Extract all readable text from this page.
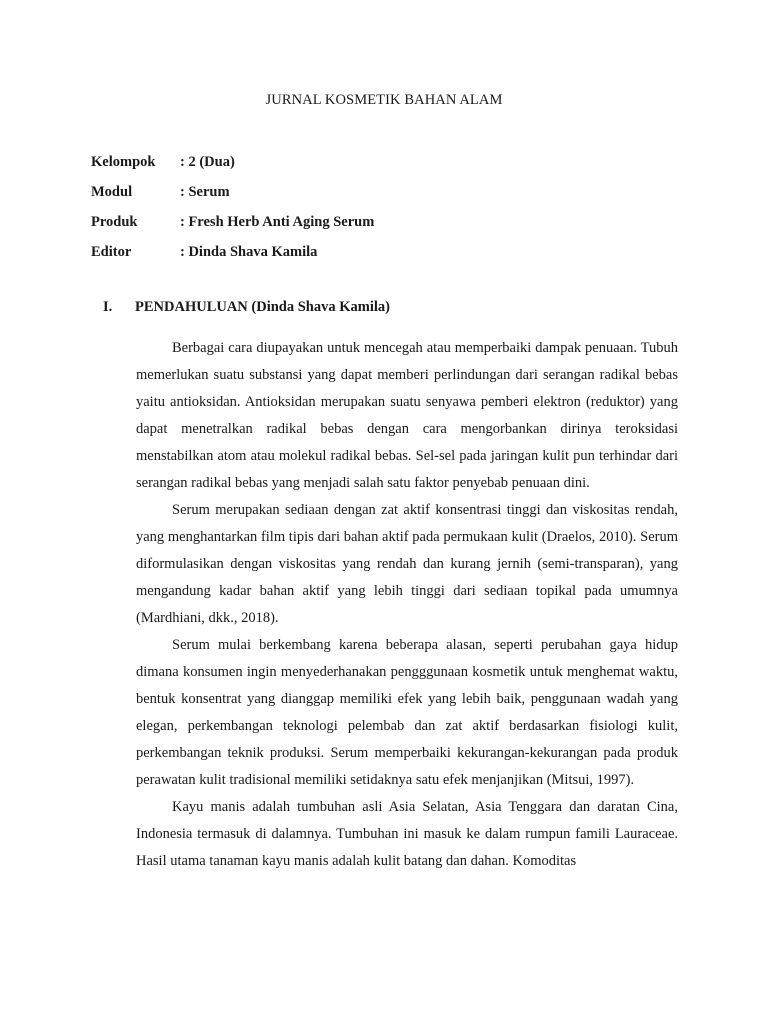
JURNAL KOSMETIK BAHAN ALAM
Kelompok	: 2 (Dua)
Modul	: Serum
Produk	: Fresh Herb Anti Aging Serum
Editor	: Dinda Shava Kamila
I.	PENDAHULUAN (Dinda Shava Kamila)

Berbagai cara diupayakan untuk mencegah atau memperbaiki dampak penuaan. Tubuh memerlukan suatu substansi yang dapat memberi perlindungan dari serangan radikal bebas yaitu antioksidan. Antioksidan merupakan suatu senyawa pemberi elektron (reduktor) yang dapat menetralkan radikal bebas dengan cara mengorbankan dirinya teroksidasi menstabilkan atom atau molekul radikal bebas. Sel-sel pada jaringan kulit pun terhindar dari serangan radikal bebas yang menjadi salah satu faktor penyebab penuaan dini.

Serum merupakan sediaan dengan zat aktif konsentrasi tinggi dan viskositas rendah, yang menghantarkan film tipis dari bahan aktif pada permukaan kulit (Draelos, 2010). Serum diformulasikan dengan viskositas yang rendah dan kurang jernih (semi-transparan), yang mengandung kadar bahan aktif yang lebih tinggi dari sediaan topikal pada umumnya (Mardhiani, dkk., 2018).

Serum mulai berkembang karena beberapa alasan, seperti perubahan gaya hidup dimana konsumen ingin menyederhanakan pengggunaan kosmetik untuk menghemat waktu, bentuk konsentrat yang dianggap memiliki efek yang lebih baik, penggunaan wadah yang elegan, perkembangan teknologi pelembab dan zat aktif berdasarkan fisiologi kulit, perkembangan teknik produksi. Serum memperbaiki kekurangan-kekurangan pada produk perawatan kulit tradisional memiliki setidaknya satu efek menjanjikan (Mitsui, 1997).

Kayu manis adalah tumbuhan asli Asia Selatan, Asia Tenggara dan daratan Cina, Indonesia termasuk di dalamnya. Tumbuhan ini masuk ke dalam rumpun famili Lauraceae. Hasil utama tanaman kayu manis adalah kulit batang dan dahan. Komoditas
